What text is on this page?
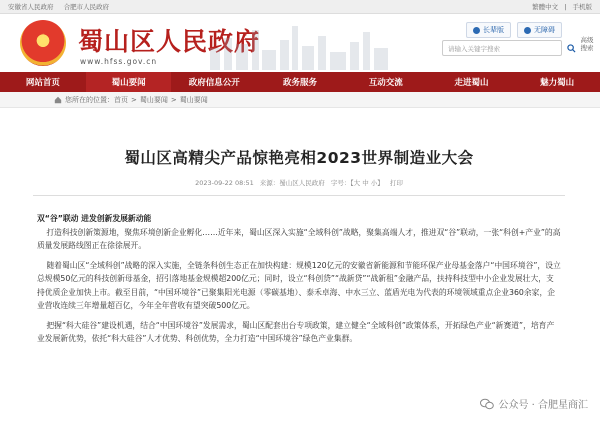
安徽省人民政府 合肥市人民政府	繁體中文 | 手机版
★
蜀山区人民政府
www.hfss.gov.cn
长辈版	无障碍
请输入关键字搜索
高级搜索
网站首页	蜀山要闻	政府信息公开	政务服务	互动交流	走进蜀山	魅力蜀山
您所在的位置： 首页 > 蜀山要闻 > 蜀山要闻
蜀山区高精尖产品惊艳亮相2023世界制造业大会
2023-09-22 08:51 来源：蜀山区人民政府 字号：【大 中 小】 打印

双“谷”联动 进发创新发展新动能

打造科技创新策源地，聚焦环境创新企业孵化……近年来，蜀山区深入实施“全域科创”战略，聚集高端人才，推进双“谷”联动，一张“科创+产业”的高质量发展路线图正在徐徐展开。

随着蜀山区“全域科创”战略的深入实施，全链条科创生态正在加快构建：规模120亿元的安徽省新能源和节能环保产业母基金落户“中国环境谷”，设立总规模50亿元的科技创新母基金，招引落地基金规模超200亿元；同时，设立“科创贷”“战新贷”“战新租”金融产品，扶持科技型中小企业发展壮大，支持优质企业加快上市。截至目前，“中国环境谷”已聚集阳光电源（零碳基地）、泰禾卓海、中水三立、蓝盾光电为代表的环境领域重点企业360余家，企业营收连续三年增量超百亿，今年全年营收有望突破500亿元。

把握“科大硅谷”建设机遇，结合“中国环境谷”发展需求，蜀山区配套出台专项政策，建立健全“全域科创”政策体系，开拓绿色产业“新赛道”，培育产业发展新优势，依托“科大硅谷”人才优势、科创优势，全力打造“中国环境谷”绿色产业集群。

公众号 · 合肥星商汇
